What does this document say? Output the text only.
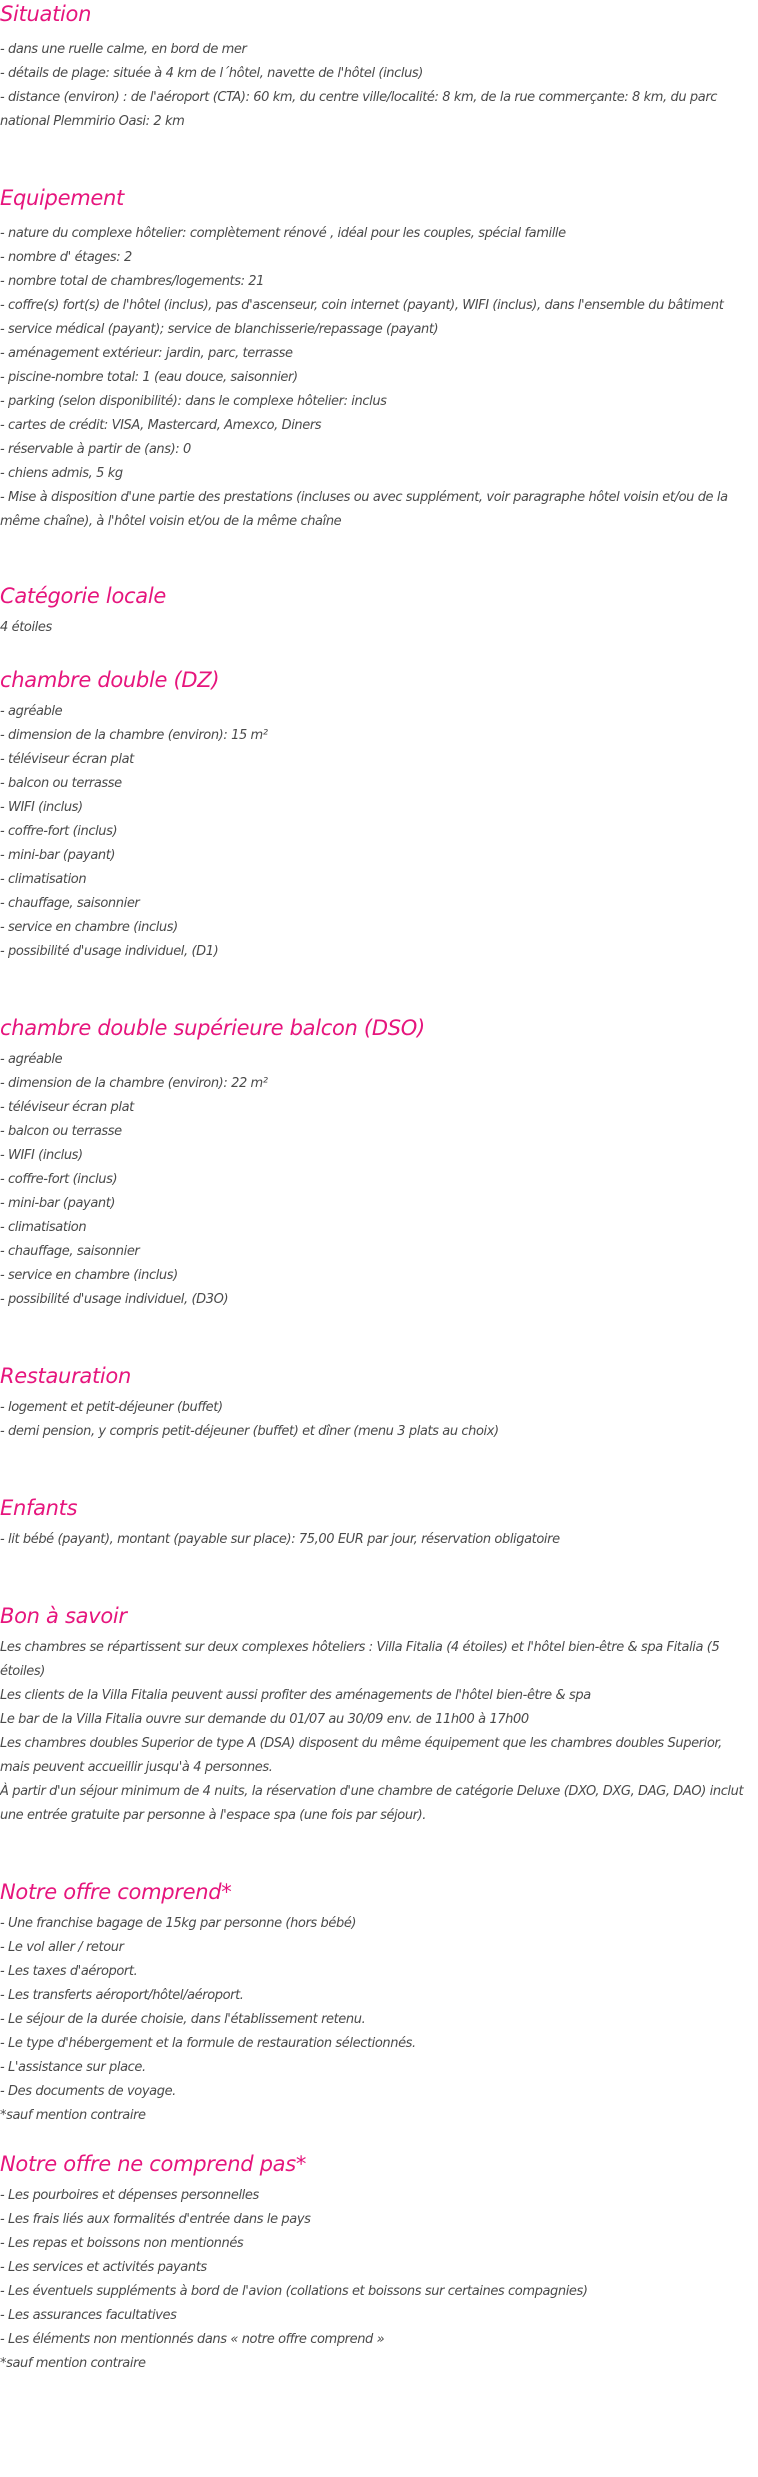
Situation

- dans une ruelle calme, en bord de mer

- détails de plage: située à 4 km de l´hôtel, navette de l'hôtel (inclus)

- distance (environ) : de l'aéroport (CTA): 60 km, du centre ville/localité: 8 km, de la rue commerçante: 8 km, du parc national Plemmirio Oasi: 2 km

Equipement

- nature du complexe hôtelier: complètement rénové , idéal pour les couples, spécial famille

- nombre d' étages: 2

- nombre total de chambres/logements: 21

- coffre(s) fort(s) de l'hôtel (inclus), pas d'ascenseur, coin internet (payant), WIFI (inclus), dans l'ensemble du bâtiment

- service médical (payant); service de blanchisserie/repassage (payant)

- aménagement extérieur: jardin, parc, terrasse

- piscine-nombre total: 1 (eau douce, saisonnier)

- parking (selon disponibilité): dans le complexe hôtelier: inclus

- cartes de crédit: VISA, Mastercard, Amexco, Diners

- réservable à partir de (ans): 0

- chiens admis, 5 kg

- Mise à disposition d'une partie des prestations (incluses ou avec supplément, voir paragraphe hôtel voisin et/ou de la même chaîne), à l'hôtel voisin et/ou de la même chaîne

Catégorie locale

4 étoiles

chambre double (DZ)

- agréable

- dimension de la chambre (environ): 15 m²

- téléviseur écran plat

- balcon ou terrasse

- WIFI (inclus)

- coffre-fort (inclus)

- mini-bar (payant)

- climatisation

- chauffage, saisonnier

- service en chambre (inclus)

- possibilité d'usage individuel, (D1)

chambre double supérieure balcon (DSO)

- agréable

- dimension de la chambre (environ): 22 m²

- téléviseur écran plat

- balcon ou terrasse

- WIFI (inclus)

- coffre-fort (inclus)

- mini-bar (payant)

- climatisation

- chauffage, saisonnier

- service en chambre (inclus)

- possibilité d'usage individuel, (D3O)

Restauration

- logement et petit-déjeuner (buffet)

- demi pension, y compris petit-déjeuner (buffet) et dîner (menu 3 plats au choix)

Enfants

- lit bébé (payant), montant (payable sur place): 75,00 EUR par jour, réservation obligatoire

Bon à savoir

Les chambres se répartissent sur deux complexes hôteliers : Villa Fitalia (4 étoiles) et l'hôtel bien-être & spa Fitalia (5 étoiles)

Les clients de la Villa Fitalia peuvent aussi profiter des aménagements de l'hôtel bien-être & spa

Le bar de la Villa Fitalia ouvre sur demande du 01/07 au 30/09 env. de 11h00 à 17h00

Les chambres doubles Superior de type A (DSA) disposent du même équipement que les chambres doubles Superior, mais peuvent accueillir jusqu'à 4 personnes.

À partir d'un séjour minimum de 4 nuits, la réservation d'une chambre de catégorie Deluxe (DXO, DXG, DAG, DAO) inclut une entrée gratuite par personne à l'espace spa (une fois par séjour).

Notre offre comprend*

- Une franchise bagage de 15kg par personne (hors bébé)

- Le vol aller / retour

- Les taxes d'aéroport.

- Les transferts aéroport/hôtel/aéroport.

- Le séjour de la durée choisie, dans l'établissement retenu.

- Le type d'hébergement et la formule de restauration sélectionnés.

- L'assistance sur place.

- Des documents de voyage.

*sauf mention contraire

Notre offre ne comprend pas*

- Les pourboires et dépenses personnelles

- Les frais liés aux formalités d'entrée dans le pays

- Les repas et boissons non mentionnés

- Les services et activités payants

- Les éventuels suppléments à bord de l'avion (collations et boissons sur certaines compagnies)

- Les assurances facultatives

- Les éléments non mentionnés dans « notre offre comprend »

*sauf mention contraire
